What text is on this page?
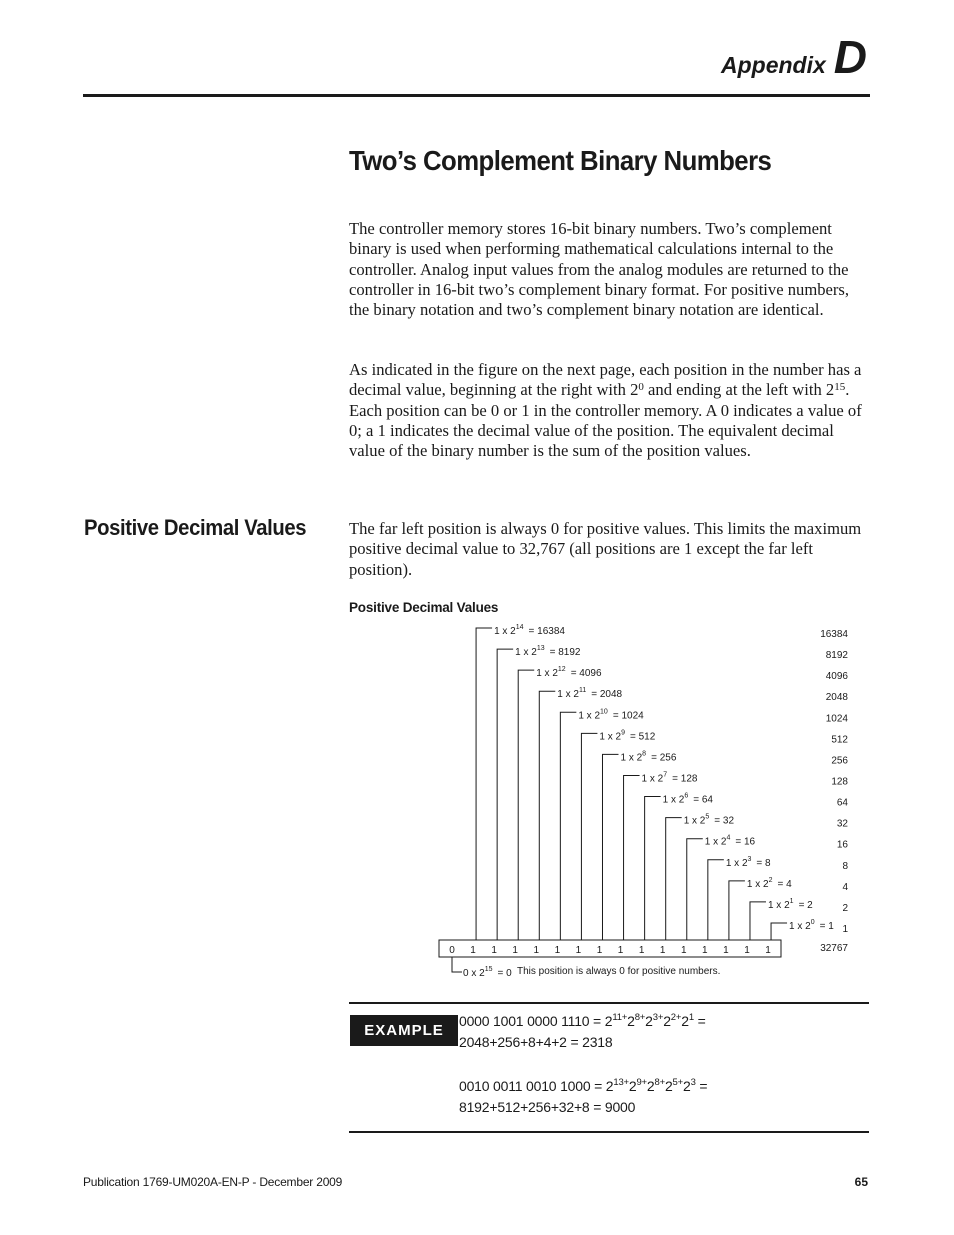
Appendix D
Two’s Complement Binary Numbers

The controller memory stores 16-bit binary numbers. Two’s complement binary is used when performing mathematical calculations internal to the controller. Analog input values from the analog modules are returned to the controller in 16-bit two’s complement binary format. For positive numbers, the binary notation and two’s complement binary notation are identical.

As indicated in the figure on the next page, each position in the number has a decimal value, beginning at the right with $2^0$ and ending at the left with $2^{15}$. Each position can be 0 or 1 in the controller memory. A 0 indicates a value of 0; a 1 indicates the decimal value of the position. The equivalent decimal value of the binary number is the sum of the position values.

Positive Decimal Values	The far left position is always 0 for positive values. This limits the maximum positive decimal value to 32,767 (all positions are 1 except the far left position).

Positive Decimal Values

0 1 1 1 1 1 1 1 1 1 1 1 1 1 1 1
1 x $2^{14} = 16384$
1 x $2^{13} = 8192$
1 x $2^{12} = 4096$
1 x $2^{11} = 2048$
1 x $2^{10} = 1024$
1 x $2^9 = 512$
1 x $2^8 = 256$
1 x $2^7 = 128$
1 x $2^6 = 64$
1 x $2^5 = 32$
1 x $2^4 = 16$
1 x $2^3 = 8$
1 x $2^2 = 4$
1 x $2^1 = 2$
1 x $2^0 = 1$
16384
8192
4096
2048
1024
512
256
128
64
32
16
8
4
2
1
32767
0 x $2^{15} = 0$ This position is always 0 for positive numbers.
EXAMPLE

0000 1001 0000 $1110 = 2^{11+}2^{8+}2^{3+}2^{2+}2^1$ =

2048+256+8+4+2 = 2318

0010 0011 0010 $1000 = 2^{13+}2^{9+}2^{8+}2^{5+}2^3$ =

8192+512+256+32+8 = 9000

Publication 1769-UM020A-EN-P - December 2009	65
